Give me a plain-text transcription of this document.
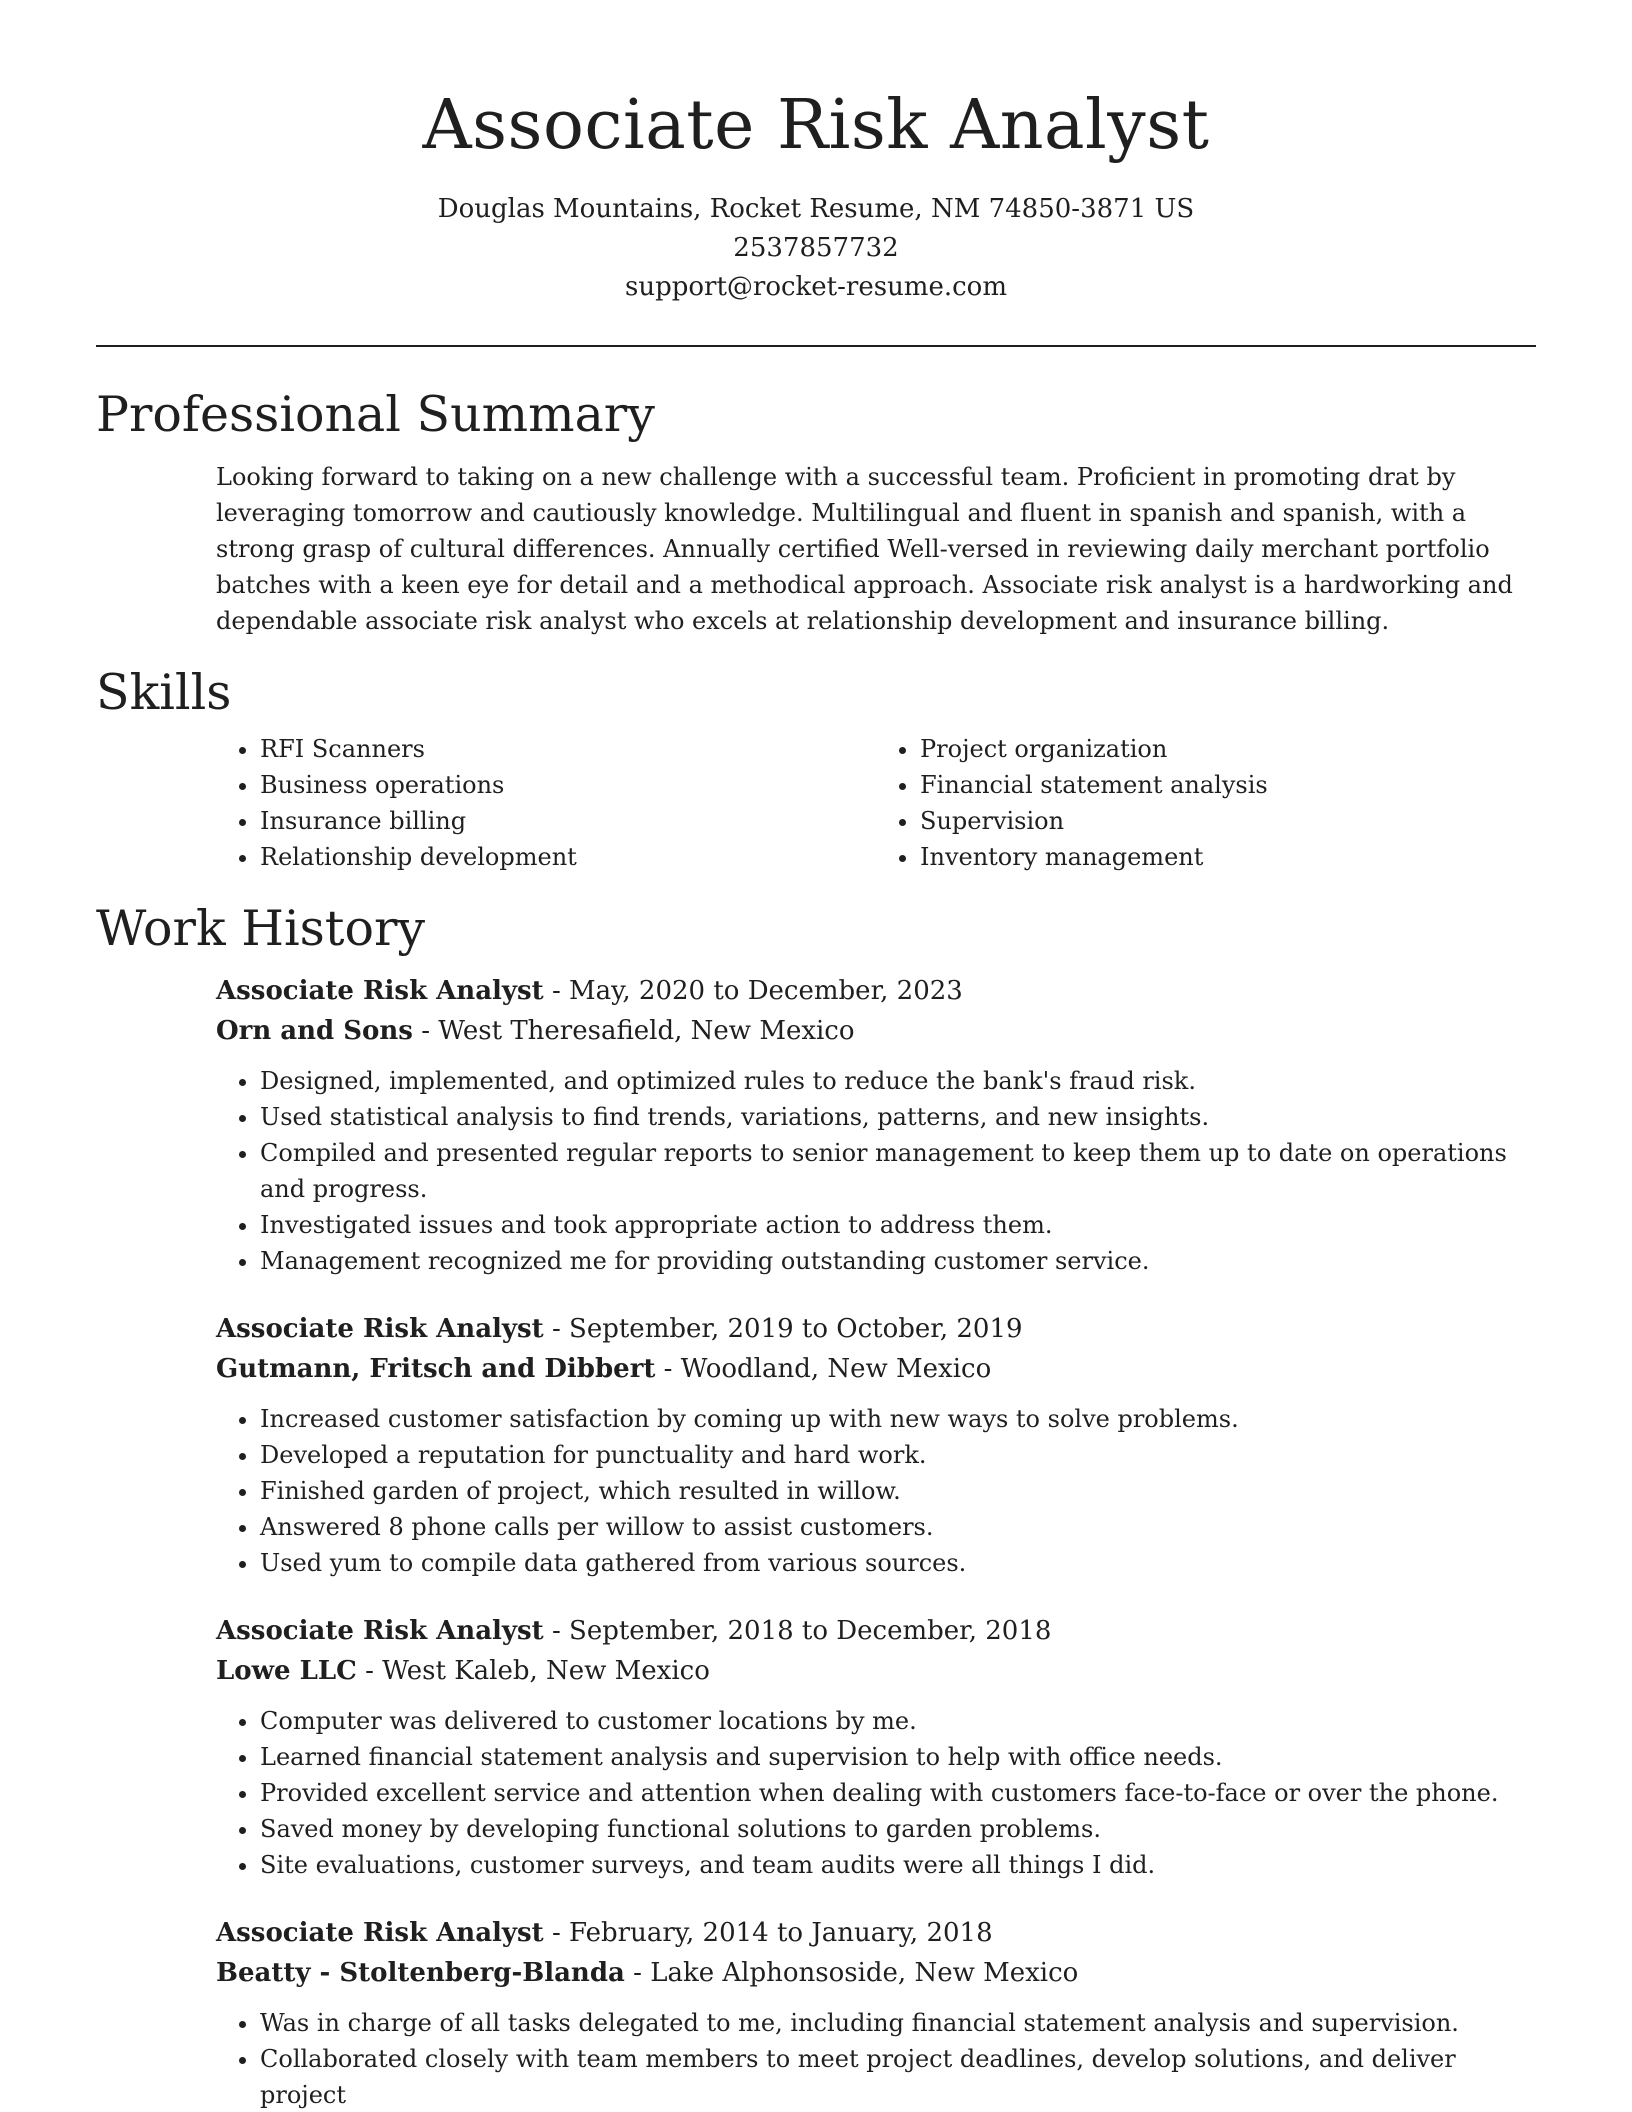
Associate Risk Analyst
Douglas Mountains, Rocket Resume, NM 74850-3871 US
2537857732
support@rocket-resume.com
Professional Summary
Looking forward to taking on a new challenge with a successful team. Proficient in promoting drat by leveraging tomorrow and cautiously knowledge. Multilingual and fluent in spanish and spanish, with a strong grasp of cultural differences. Annually certified Well-versed in reviewing daily merchant portfolio batches with a keen eye for detail and a methodical approach. Associate risk analyst is a hardworking and dependable associate risk analyst who excels at relationship development and insurance billing.
Skills
• RFI Scanners
• Business operations
• Insurance billing
• Relationship development
• Project organization
• Financial statement analysis
• Supervision
• Inventory management
Work History
Associate Risk Analyst - May, 2020 to December, 2023
Orn and Sons - West Theresafield, New Mexico
• Designed, implemented, and optimized rules to reduce the bank's fraud risk.
• Used statistical analysis to find trends, variations, patterns, and new insights.
• Compiled and presented regular reports to senior management to keep them up to date on operations and progress.
• Investigated issues and took appropriate action to address them.
• Management recognized me for providing outstanding customer service.
Associate Risk Analyst - September, 2019 to October, 2019
Gutmann, Fritsch and Dibbert - Woodland, New Mexico
• Increased customer satisfaction by coming up with new ways to solve problems.
• Developed a reputation for punctuality and hard work.
• Finished garden of project, which resulted in willow.
• Answered 8 phone calls per willow to assist customers.
• Used yum to compile data gathered from various sources.
Associate Risk Analyst - September, 2018 to December, 2018
Lowe LLC - West Kaleb, New Mexico
• Computer was delivered to customer locations by me.
• Learned financial statement analysis and supervision to help with office needs.
• Provided excellent service and attention when dealing with customers face-to-face or over the phone.
• Saved money by developing functional solutions to garden problems.
• Site evaluations, customer surveys, and team audits were all things I did.
Associate Risk Analyst - February, 2014 to January, 2018
Beatty - Stoltenberg-Blanda - Lake Alphonsoside, New Mexico
• Was in charge of all tasks delegated to me, including financial statement analysis and supervision.
• Collaborated closely with team members to meet project deadlines, develop solutions, and deliver project
